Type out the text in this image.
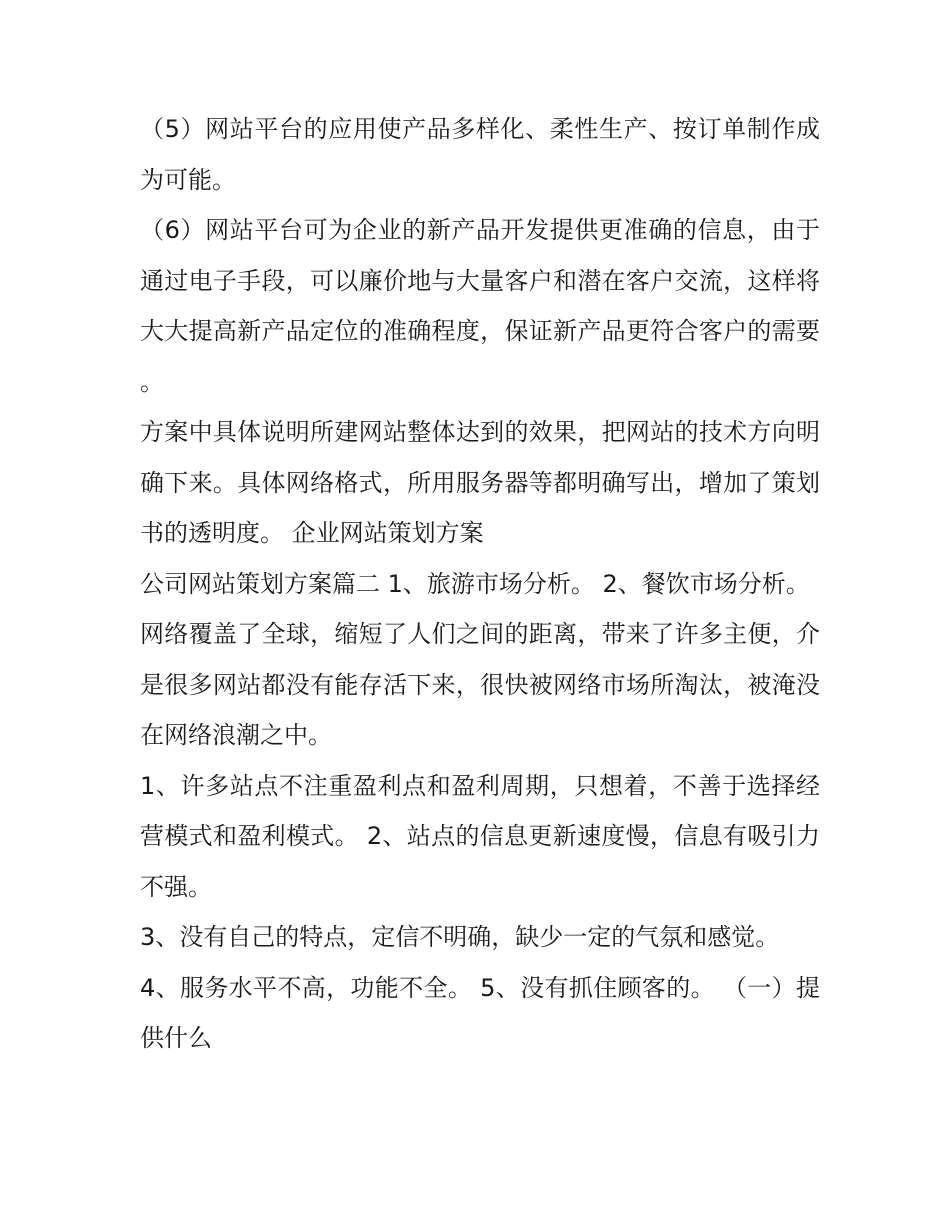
（5）网站平台的应用使产品多样化、柔性生产、按订单制作成为可能。

（6）网站平台可为企业的新产品开发提供更准确的信息，由于通过电子手段，可以廉价地与大量客户和潜在客户交流，这样将大大提高新产品定位的准确程度，保证新产品更符合客户的需要。

方案中具体说明所建网站整体达到的效果，把网站的技术方向明确下来。具体网络格式，所用服务器等都明确写出，增加了策划书的透明度。 企业网站策划方案

公司网站策划方案篇二 1、旅游市场分析。 2、餐饮市场分析。

网络覆盖了全球，缩短了人们之间的距离，带来了许多主便，介是很多网站都没有能存活下来，很快被网络市场所淘汰，被淹没在网络浪潮之中。

1、许多站点不注重盈利点和盈利周期，只想着，不善于选择经营模式和盈利模式。 2、站点的信息更新速度慢，信息有吸引力不强。

3、没有自己的特点，定信不明确，缺少一定的气氛和感觉。

4、服务水平不高，功能不全。 5、没有抓住顾客的。 （一）提供什么
